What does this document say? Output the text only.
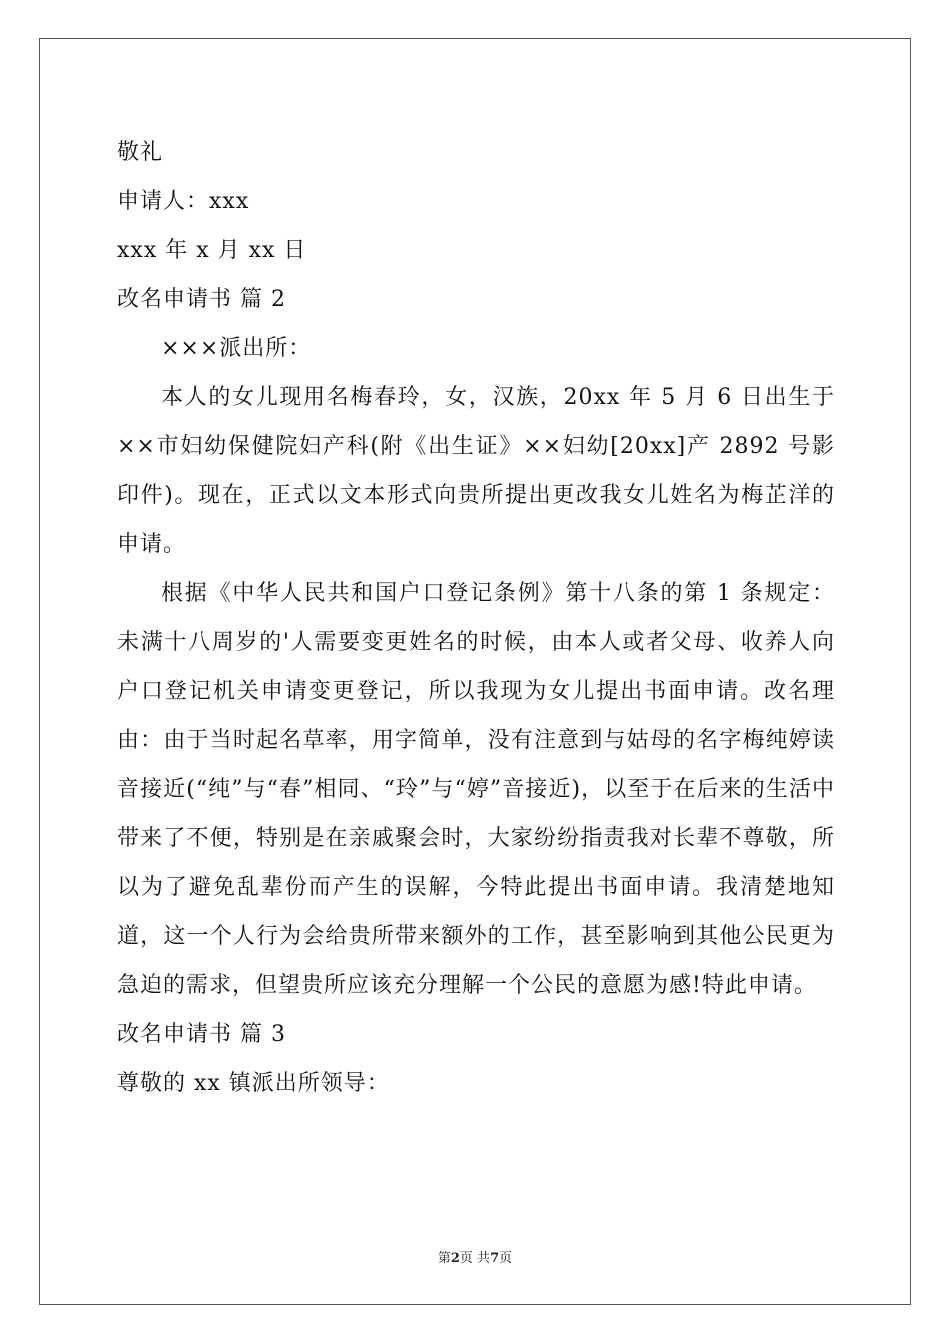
敬礼
申请人：xxx
xxx 年 x 月 xx 日
改名申请书 篇 2
×××派出所：

本人的女儿现用名梅春玲，女，汉族，20xx 年 5 月 6 日出生于××市妇幼保健院妇产科(附《出生证》××妇幼[20xx]产 2892 号影印件)。现在，正式以文本形式向贵所提出更改我女儿姓名为梅芷洋的申请。

根据《中华人民共和国户口登记条例》第十八条的第 1 条规定：未满十八周岁的'人需要变更姓名的时候，由本人或者父母、收养人向户口登记机关申请变更登记，所以我现为女儿提出书面申请。改名理由：由于当时起名草率，用字简单，没有注意到与姑母的名字梅纯婷读音接近(“纯”与“春”相同、“玲”与“婷”音接近)，以至于在后来的生活中带来了不便，特别是在亲戚聚会时，大家纷纷指责我对长辈不尊敬，所以为了避免乱辈份而产生的误解，今特此提出书面申请。我清楚地知道，这一个人行为会给贵所带来额外的工作，甚至影响到其他公民更为急迫的需求，但望贵所应该充分理解一个公民的意愿为感!特此申请。

改名申请书 篇 3
尊敬的 xx 镇派出所领导：
第2页 共7页
